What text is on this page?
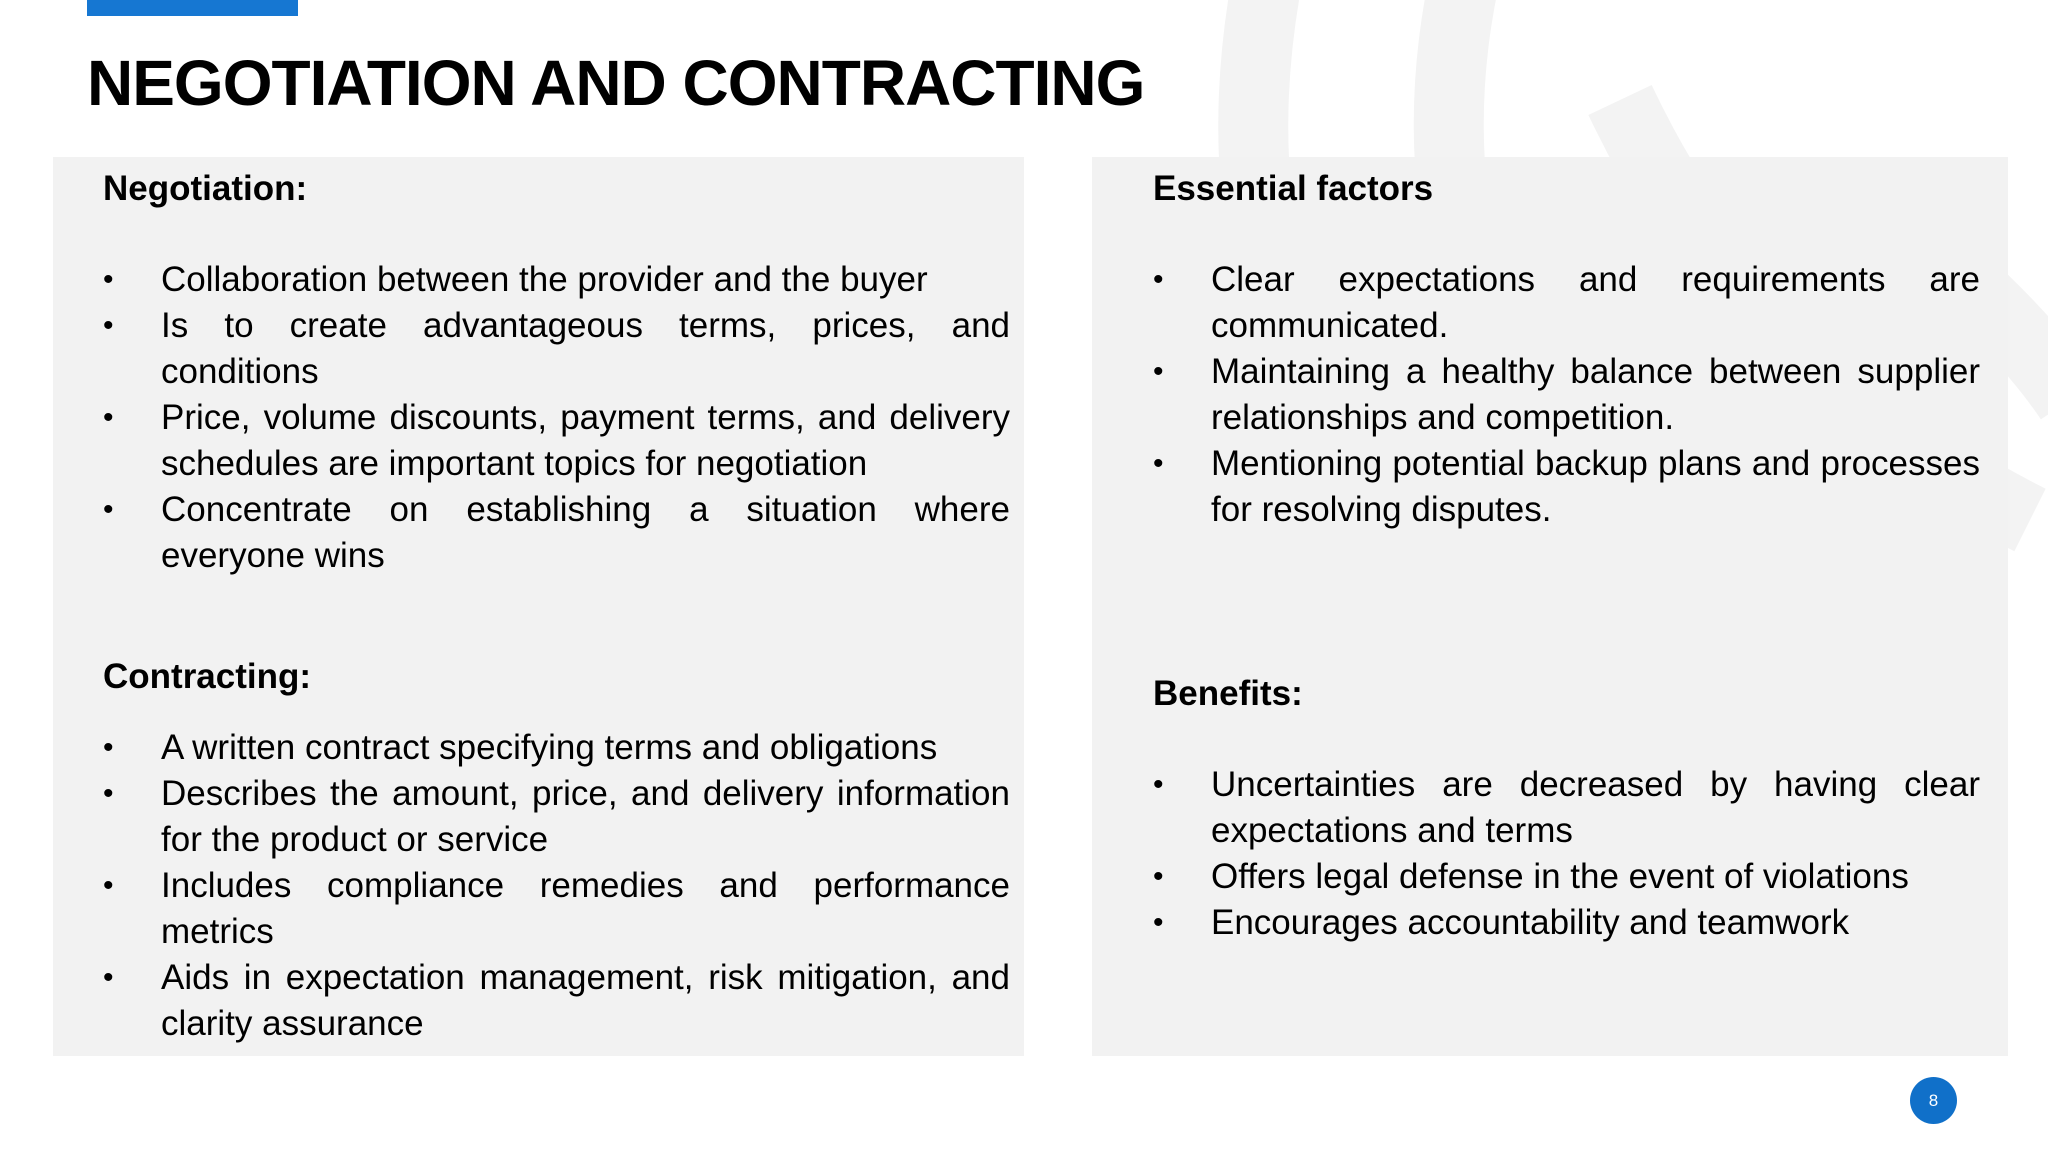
NEGOTIATION AND CONTRACTING
Negotiation:
• Collaboration between the provider and the buyer
• Is to create advantageous terms, prices, and conditions
• Price, volume discounts, payment terms, and delivery schedules are important topics for negotiation
• Concentrate on establishing a situation where everyone wins
Contracting:
• A written contract specifying terms and obligations
• Describes the amount, price, and delivery information for the product or service
• Includes compliance remedies and performance metrics
• Aids in expectation management, risk mitigation, and clarity assurance
Essential factors
• Clear expectations and requirements are communicated.
• Maintaining a healthy balance between supplier relationships and competition.
• Mentioning potential backup plans and processes for resolving disputes.
Benefits:
• Uncertainties are decreased by having clear expectations and terms
• Offers legal defense in the event of violations
• Encourages accountability and teamwork
8
